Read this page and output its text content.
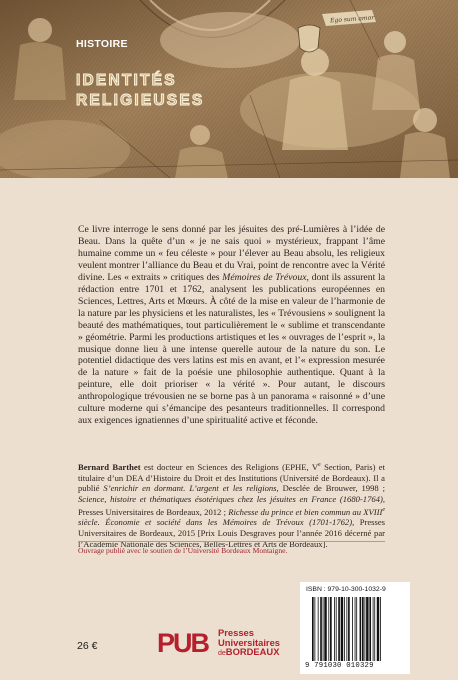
Ego sum amor
HISTOIRE
IDENTITÉS
RELIGIEUSES
Ce livre interroge le sens donné par les jésuites des pré-Lumières à l’idée de Beau. Dans la quête d’un « je ne sais quoi » mystérieux, frappant l’âme humaine comme un « feu céleste » pour l’élever au Beau absolu, les religieux veulent montrer l’alliance du Beau et du Vrai, point de rencontre avec la Vérité divine. Les « extraits » critiques des Mémoires de Trévoux, dont ils assurent la rédaction entre 1701 et 1762, analysent les publications européennes en Sciences, Lettres, Arts et Mœurs. À côté de la mise en valeur de l’harmonie de la nature par les physiciens et les naturalistes, les « Trévousiens » soulignent la beauté des mathématiques, tout particulièrement le « sublime et transcendante » géométrie. Parmi les productions artistiques et les « ouvrages de l’esprit », la musique donne lieu à une intense querelle autour de la nature du son. Le potentiel didactique des vers latins est mis en avant, et l’« expression mesurée de la nature » fait de la poésie une philosophie authentique. Quant à la peinture, elle doit prioriser « la vérité ». Pour autant, le discours anthropologique trévousien ne se borne pas à un panorama « raisonné » d’une culture moderne qui s’émancipe des pesanteurs traditionnelles. Il correspond aux exigences ignatiennes d’une spiritualité active et féconde.
Bernard Barthet est docteur en Sciences des Religions (EPHE, Ve Section, Paris) et titulaire d’un DEA d’Histoire du Droit et des Institutions (Université de Bordeaux). Il a publié S’enrichir en dormant. L’argent et les religions, Desclée de Brouwer, 1998 ; Science, histoire et thématiques ésotériques chez les jésuites en France (1680-1764), Presses Universitaires de Bordeaux, 2012 ; Richesse du prince et bien commun au XVIIIe siècle. Économie et société dans les Mémoires de Trévoux (1701-1762), Presses Universitaires de Bordeaux, 2015 [Prix Louis Desgraves pour l’année 2016 décerné par l’Académie Nationale des Sciences, Belles-Lettres et Arts de Bordeaux].
Ouvrage publié avec le soutien de l’Université Bordeaux Montaigne.
26 € PUB Presses
Universitaires
deBORDEAUX
ISBN : 979-10-300-1032-9
9 791030 010329
